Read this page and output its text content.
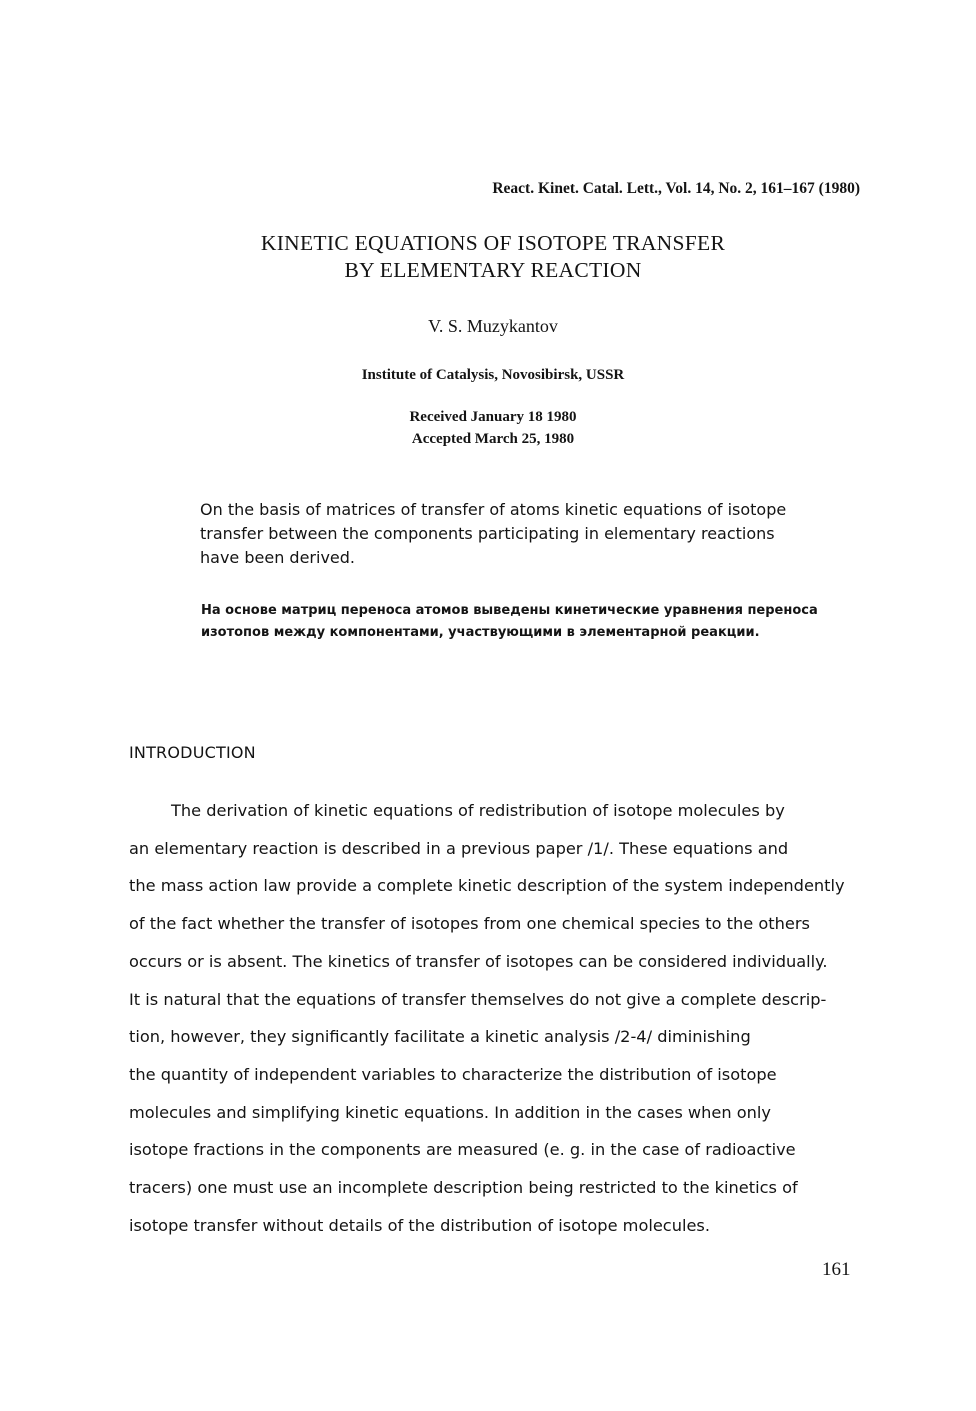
React. Kinet. Catal. Lett., Vol. 14, No. 2, 161–167 (1980)
KINETIC EQUATIONS OF ISOTOPE TRANSFER
BY ELEMENTARY REACTION
V. S. Muzykantov
Institute of Catalysis, Novosibirsk, USSR
Received January 18 1980
Accepted March 25, 1980
On the basis of matrices of transfer of atoms kinetic equations of isotope
transfer between the components participating in elementary reactions
have been derived.
На основе матриц переноса атомов выведены кинетические уравнения переноса
изотопов между компонентами, участвующими в элементарной реакции.
INTRODUCTION
The derivation of kinetic equations of redistribution of isotope molecules by
an elementary reaction is described in a previous paper /1/. These equations and
the mass action law provide a complete kinetic description of the system independently
of the fact whether the transfer of isotopes from one chemical species to the others
occurs or is absent. The kinetics of transfer of isotopes can be considered individually.
It is natural that the equations of transfer themselves do not give a complete descrip-
tion, however, they significantly facilitate a kinetic analysis /2-4/ diminishing
the quantity of independent variables to characterize the distribution of isotope
molecules and simplifying kinetic equations. In addition in the cases when only
isotope fractions in the components are measured (e. g. in the case of radioactive
tracers) one must use an incomplete description being restricted to the kinetics of
isotope transfer without details of the distribution of isotope molecules.
161
